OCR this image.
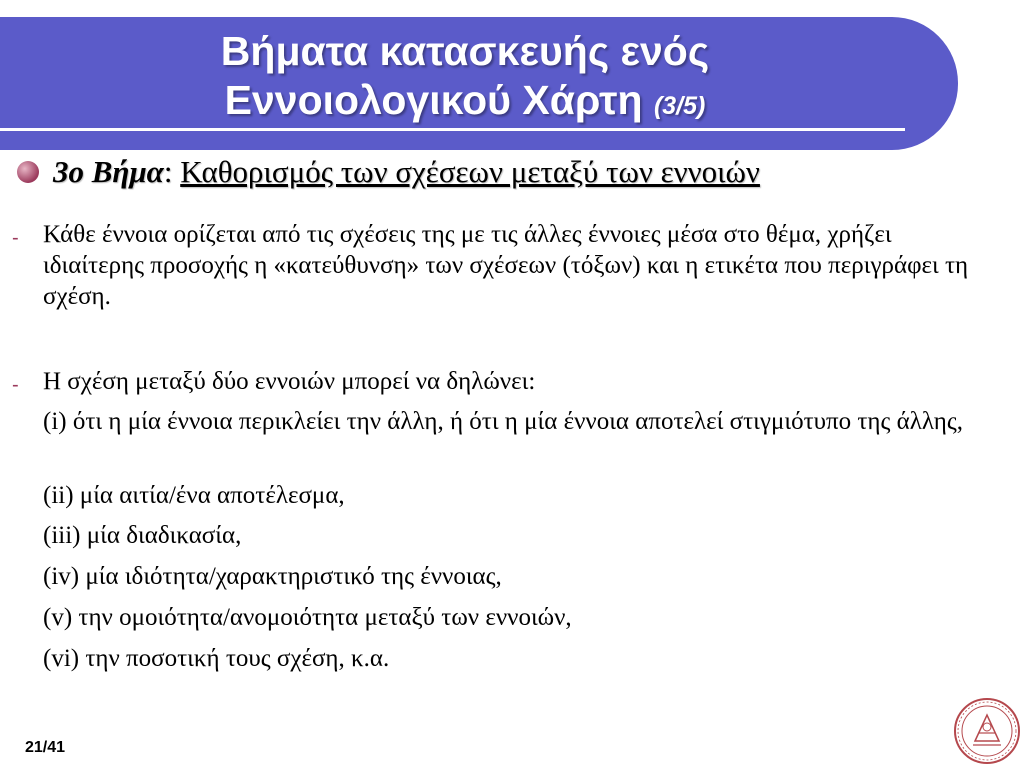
Βήματα κατασκευής ενός
Εννοιολογικού Χάρτη (3/5)
3ο Βήμα: Καθορισμός των σχέσεων μεταξύ των εννοιών
- Κάθε έννοια ορίζεται από τις σχέσεις της με τις άλλες έννοιες μέσα στο θέμα, χρήζει ιδιαίτερης προσοχής η «κατεύθυνση» των σχέσεων (τόξων) και η ετικέτα που περιγράφει τη σχέση.
- Η σχέση μεταξύ δύο εννοιών μπορεί να δηλώνει:
(i) ότι η μία έννοια περικλείει την άλλη, ή ότι η μία έννοια αποτελεί στιγμιότυπο της άλλης,
(ii) μία αιτία/ένα αποτέλεσμα,
(iii) μία διαδικασία,
(iv) μία ιδιότητα/χαρακτηριστικό της έννοιας,
(v) την ομοιότητα/ανομοιότητα μεταξύ των εννοιών,
(vi) την ποσοτική τους σχέση, κ.α.
21/41
